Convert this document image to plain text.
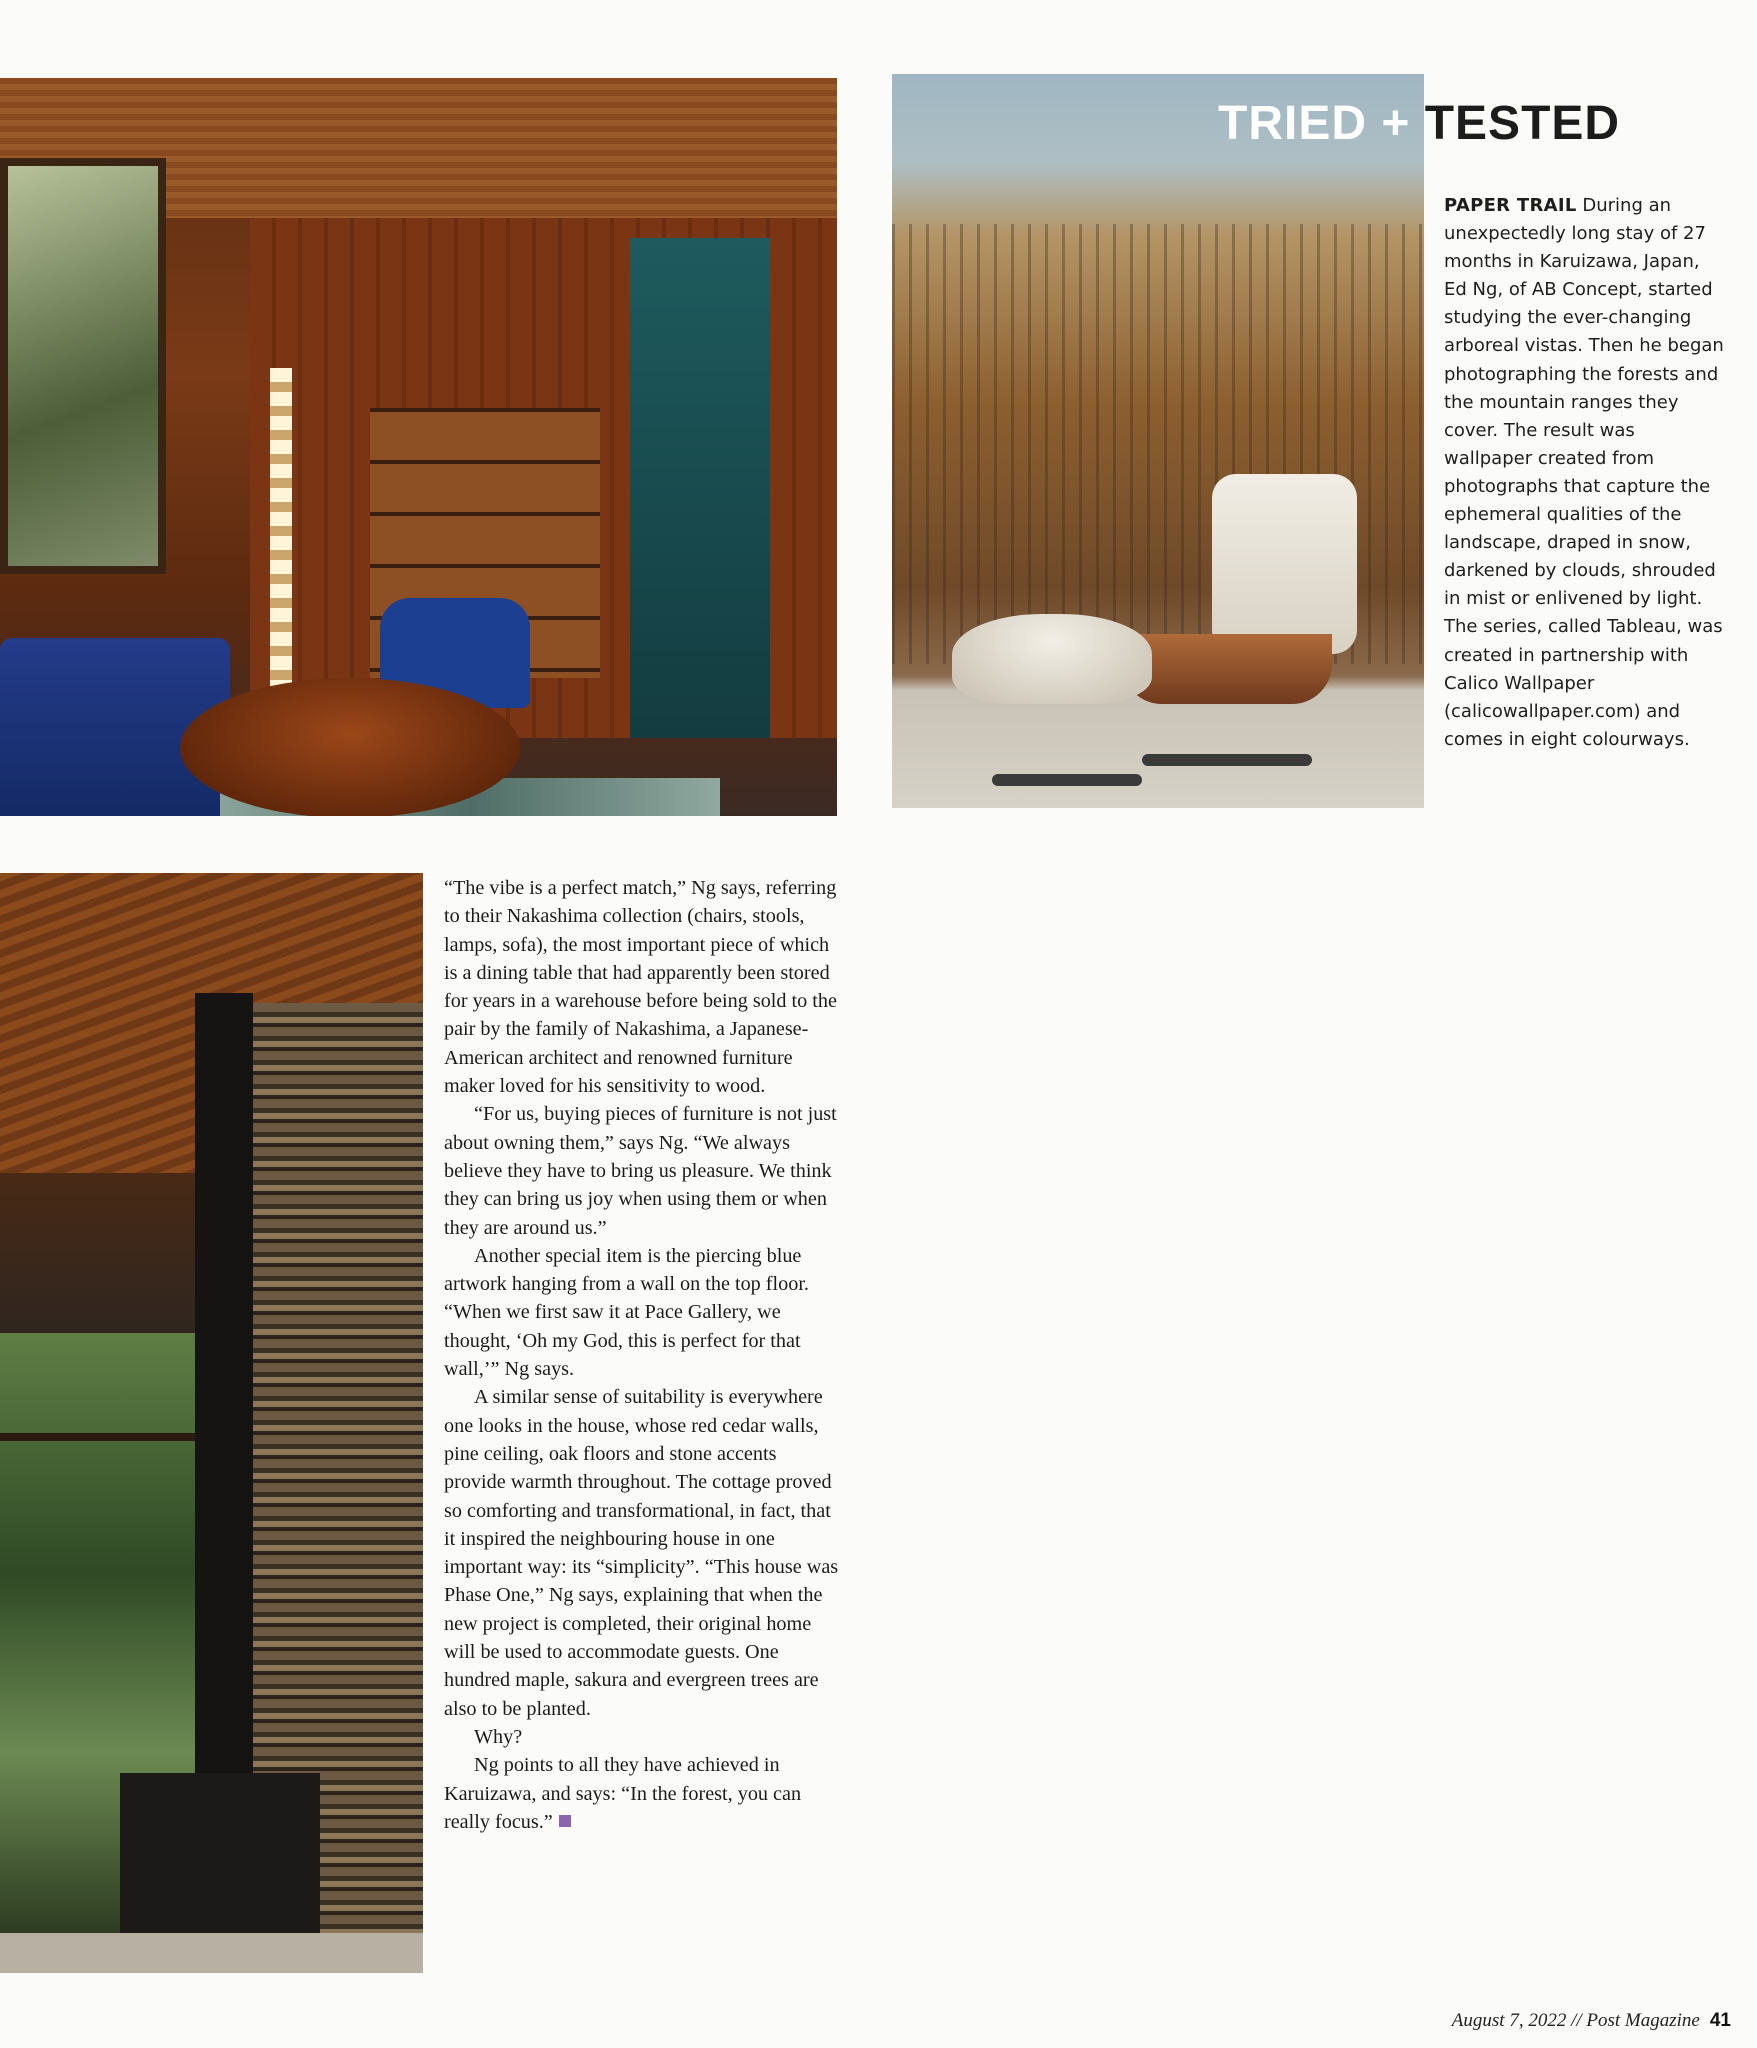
TRIED + TESTED

PAPER TRAIL During an unexpectedly long stay of 27 months in Karuizawa, Japan, Ed Ng, of AB Concept, started studying the ever-changing arboreal vistas. Then he began photographing the forests and the mountain ranges they cover. The result was wallpaper created from photographs that capture the ephemeral qualities of the landscape, draped in snow, darkened by clouds, shrouded in mist or enlivened by light. The series, called Tableau, was created in partnership with Calico Wallpaper (calicowallpaper.com) and comes in eight colourways.

“The vibe is a perfect match,” Ng says, referring to their Nakashima collection (chairs, stools, lamps, sofa), the most important piece of which is a dining table that had apparently been stored for years in a warehouse before being sold to the pair by the family of Nakashima, a Japanese-American architect and renowned furniture maker loved for his sensitivity to wood.

“For us, buying pieces of furniture is not just about owning them,” says Ng. “We always believe they have to bring us pleasure. We think they can bring us joy when using them or when they are around us.”

Another special item is the piercing blue artwork hanging from a wall on the top floor. “When we first saw it at Pace Gallery, we thought, ‘Oh my God, this is perfect for that wall,’” Ng says.

A similar sense of suitability is everywhere one looks in the house, whose red cedar walls, pine ceiling, oak floors and stone accents provide warmth throughout. The cottage proved so comforting and transformational, in fact, that it inspired the neighbouring house in one important way: its “simplicity”. “This house was Phase One,” Ng says, explaining that when the new project is completed, their original home will be used to accommodate guests. One hundred maple, sakura and evergreen trees are also to be planted.

Why?

Ng points to all they have achieved in Karuizawa, and says: “In the forest, you can really focus.”

August 7, 2022 // Post Magazine 41
